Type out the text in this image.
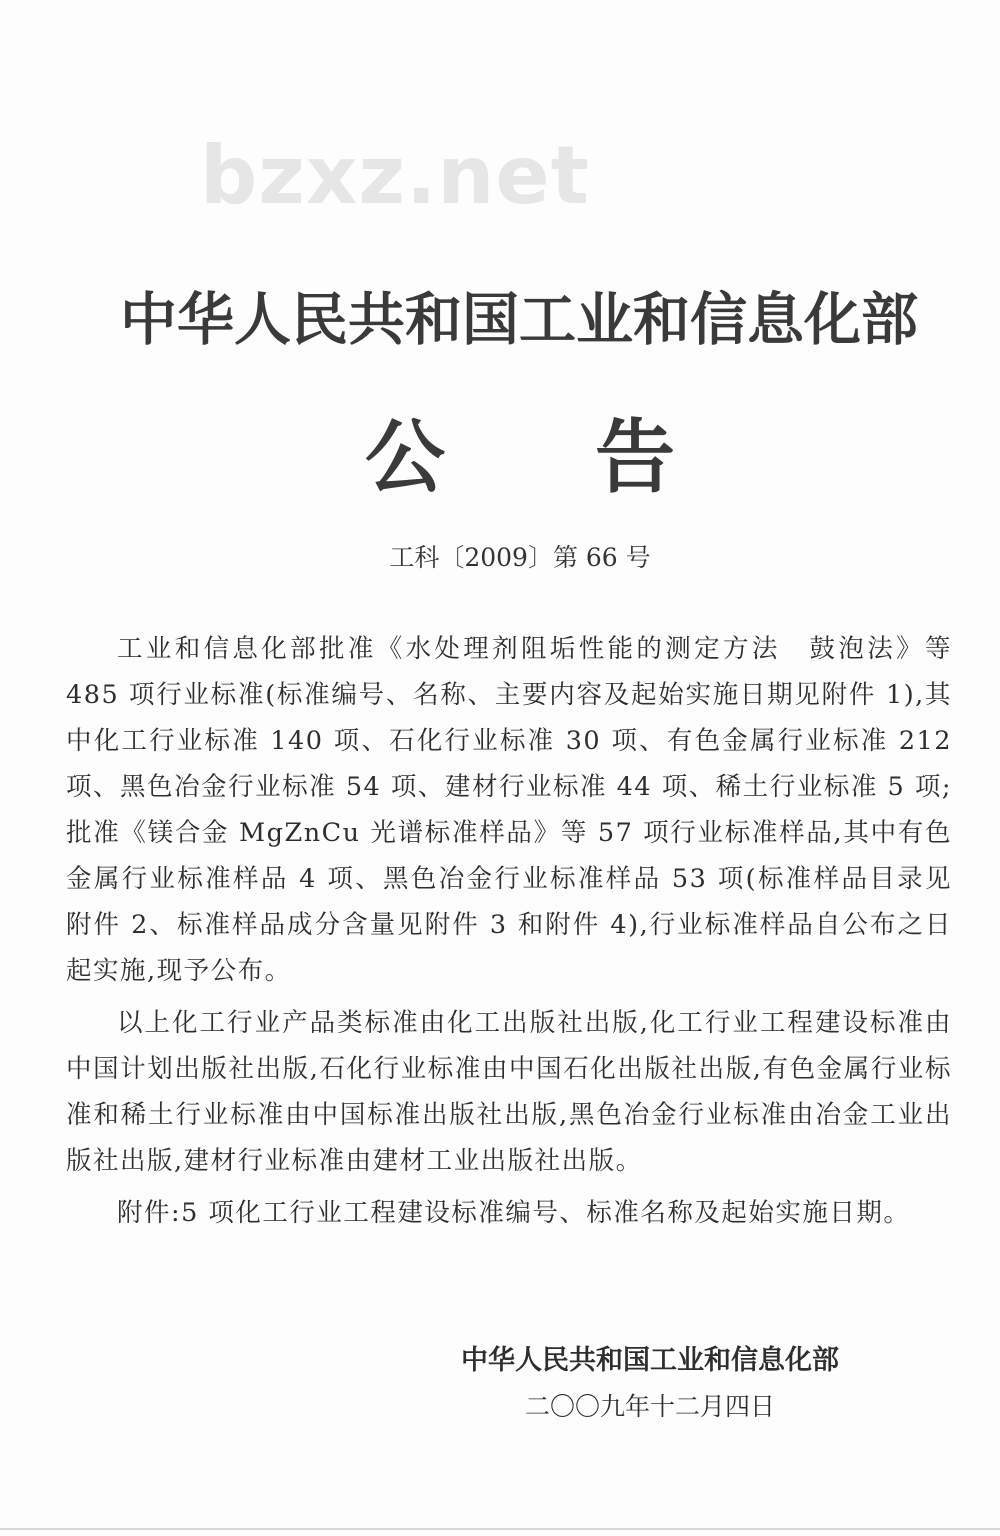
bzxz.net
中华人民共和国工业和信息化部
公告
工科〔2009〕第 66 号

工业和信息化部批准《水处理剂阻垢性能的测定方法　鼓泡法》等 485 项行业标准(标准编号、名称、主要内容及起始实施日期见附件 1),其中化工行业标准 140 项、石化行业标准 30 项、有色金属行业标准 212 项、黑色冶金行业标准 54 项、建材行业标准 44 项、稀土行业标准 5 项;批准《镁合金 MgZnCu 光谱标准样品》等 57 项行业标准样品,其中有色金属行业标准样品 4 项、黑色冶金行业标准样品 53 项(标准样品目录见附件 2、标准样品成分含量见附件 3 和附件 4),行业标准样品自公布之日起实施,现予公布。

以上化工行业产品类标准由化工出版社出版,化工行业工程建设标准由中国计划出版社出版,石化行业标准由中国石化出版社出版,有色金属行业标准和稀土行业标准由中国标准出版社出版,黑色冶金行业标准由冶金工业出版社出版,建材行业标准由建材工业出版社出版。

附件:5 项化工行业工程建设标准编号、标准名称及起始实施日期。

中华人民共和国工业和信息化部
二〇〇九年十二月四日
